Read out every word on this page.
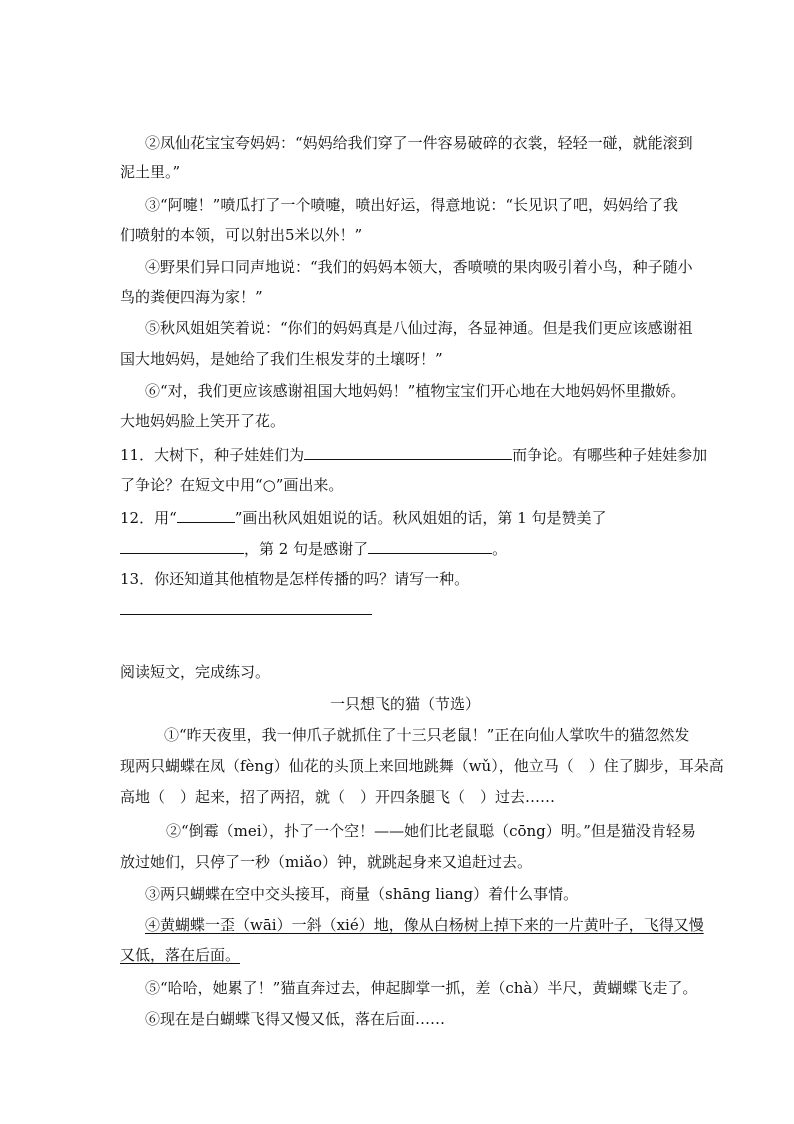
②凤仙花宝宝夸妈妈：“妈妈给我们穿了一件容易破碎的衣裳，轻轻一碰，就能滚到
泥土里。”
③“阿嚏！”喷瓜打了一个喷嚏，喷出好运，得意地说：“长见识了吧，妈妈给了我
们喷射的本领，可以射出5米以外！”
④野果们异口同声地说：“我们的妈妈本领大，香喷喷的果肉吸引着小鸟，种子随小
鸟的粪便四海为家！”
⑤秋风姐姐笑着说：“你们的妈妈真是八仙过海，各显神通。但是我们更应该感谢祖
国大地妈妈，是她给了我们生根发芽的土壤呀！”
⑥“对，我们更应该感谢祖国大地妈妈！”植物宝宝们开心地在大地妈妈怀里撒娇。
大地妈妈脸上笑开了花。
11．大树下，种子娃娃们为	而争论。有哪些种子娃娃参加
了争论？在短文中用“○”画出来。
12．用“	”画出秋风姐姐说的话。秋风姐姐的话，第 1 句是赞美了
，第 2 句是感谢了	。
13．你还知道其他植物是怎样传播的吗？请写一种。
阅读短文，完成练习。
一只想飞的猫（节选）
①“昨天夜里，我一伸爪子就抓住了十三只老鼠！”正在向仙人掌吹牛的猫忽然发
现两只蝴蝶在凤（fèng）仙花的头顶上来回地跳舞（wǔ），他立马（　）住了脚步，耳朵高
高地（　）起来，招了两招，就（　）开四条腿飞（　）过去……
②“倒霉（mei），扑了一个空！——她们比老鼠聪（cōng）明。”但是猫没肯轻易
放过她们，只停了一秒（miǎo）钟，就跳起身来又追赶过去。
③两只蝴蝶在空中交头接耳，商量（shāng liang）着什么事情。
④黄蝴蝶一歪（wāi）一斜（xié）地，像从白杨树上掉下来的一片黄叶子，飞得又慢
又低，落在后面。
⑤“哈哈，她累了！”猫直奔过去，伸起脚掌一抓，差（chà）半尺，黄蝴蝶飞走了。
⑥现在是白蝴蝶飞得又慢又低，落在后面……
